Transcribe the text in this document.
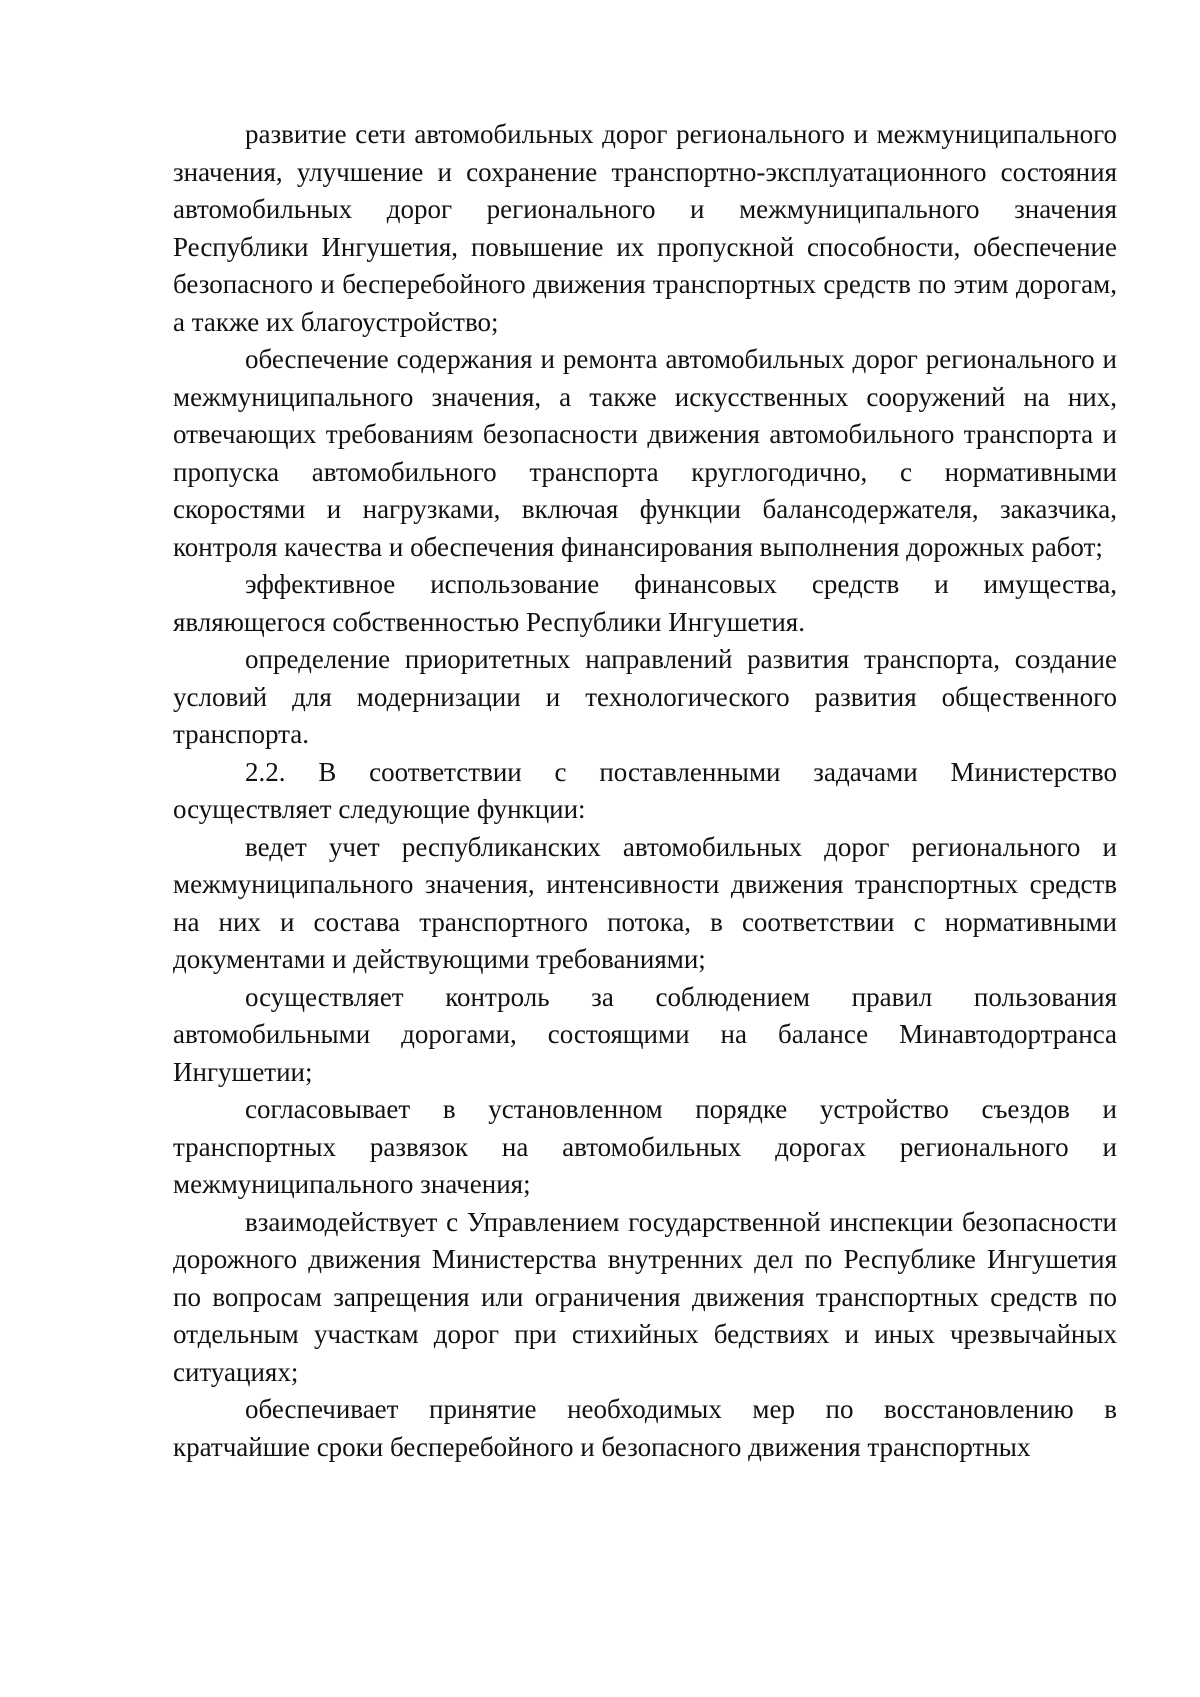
развитие сети автомобильных дорог регионального и межмуниципального значения, улучшение и сохранение транспортно-эксплуатационного состояния автомобильных дорог регионального и межмуниципального значения Республики Ингушетия, повышение их пропускной способности, обеспечение безопасного и бесперебойного движения транспортных средств по этим дорогам, а также их благоустройство;

обеспечение содержания и ремонта автомобильных дорог регионального и межмуниципального значения, а также искусственных сооружений на них, отвечающих требованиям безопасности движения автомобильного транспорта и пропуска автомобильного транспорта круглогодично, с нормативными скоростями и нагрузками, включая функции балансодержателя, заказчика, контроля качества и обеспечения финансирования выполнения дорожных работ;

эффективное использование финансовых средств и имущества, являющегося собственностью Республики Ингушетия.

определение приоритетных направлений развития транспорта, создание условий для модернизации и технологического развития общественного транспорта.

2.2. В соответствии с поставленными задачами Министерство осуществляет следующие функции:

ведет учет республиканских автомобильных дорог регионального и межмуниципального значения, интенсивности движения транспортных средств на них и состава транспортного потока, в соответствии с нормативными документами и действующими требованиями;

осуществляет контроль за соблюдением правил пользования автомобильными дорогами, состоящими на балансе Минавтодортранса Ингушетии;

согласовывает в установленном порядке устройство съездов и транспортных развязок на автомобильных дорогах регионального и межмуниципального значения;

взаимодействует с Управлением государственной инспекции безопасности дорожного движения Министерства внутренних дел по Республике Ингушетия по вопросам запрещения или ограничения движения транспортных средств по отдельным участкам дорог при стихийных бедствиях и иных чрезвычайных ситуациях;

обеспечивает принятие необходимых мер по восстановлению в кратчайшие сроки бесперебойного и безопасного движения транспортных
